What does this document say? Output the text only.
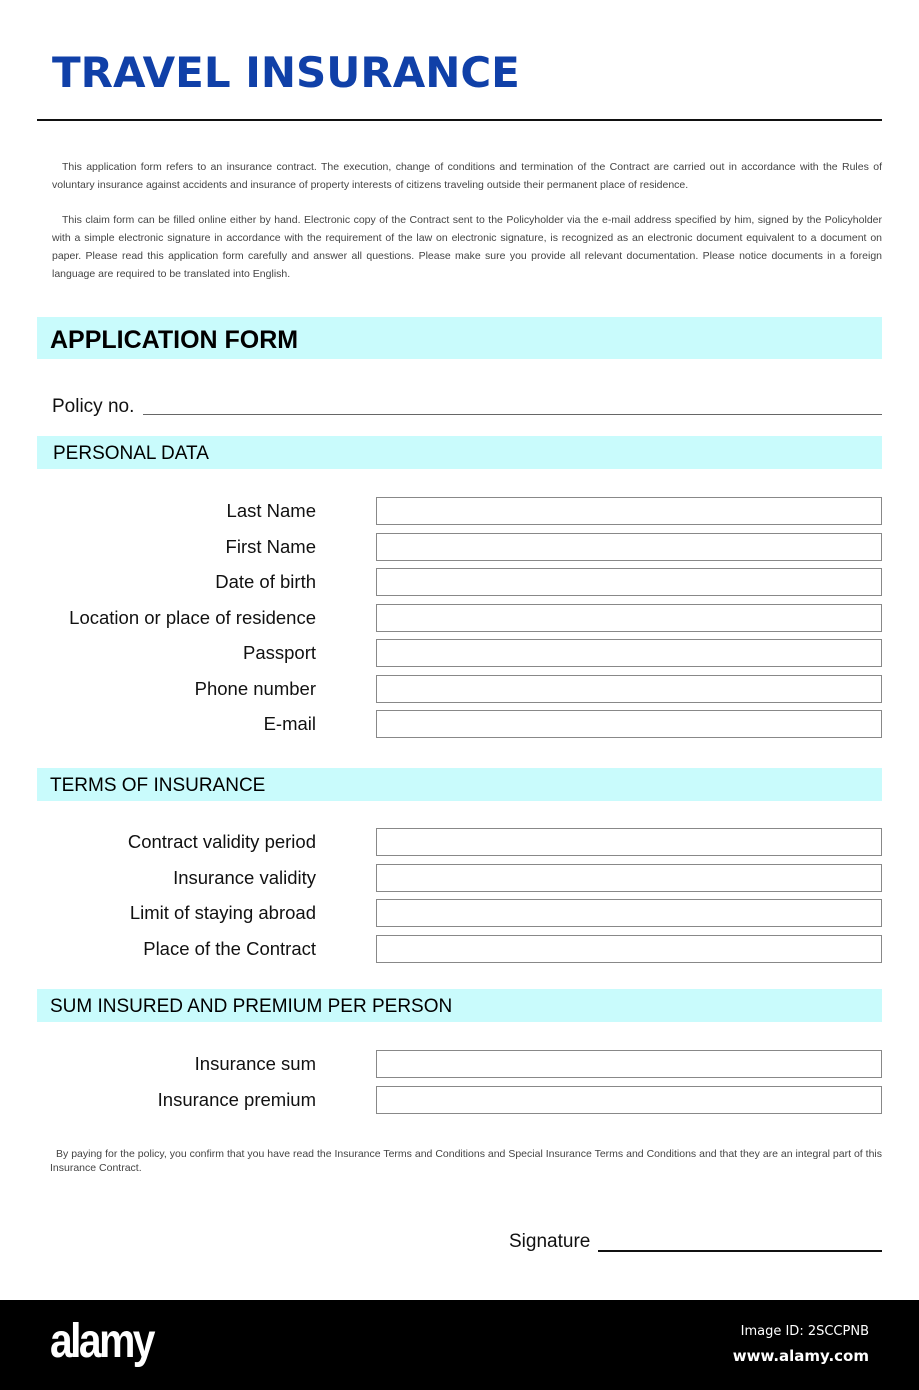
TRAVEL INSURANCE
This application form refers to an insurance contract. The execution, change of conditions and termination of the Contract are carried out in accordance with the Rules of voluntary insurance against accidents and insurance of property interests of citizens traveling outside their permanent place of residence.
This claim form can be filled online either by hand. Electronic copy of the Contract sent to the Policyholder via the e-mail address specified by him, signed by the Policyholder with a simple electronic signature in accordance with the requirement of the law on electronic signature, is recognized as an electronic document equivalent to a document on paper. Please read this application form carefully and answer all questions. Please make sure you provide all relevant documentation. Please notice documents in a foreign language are required to be translated into English.
APPLICATION FORM
Policy no.
PERSONAL DATA
Last Name
First Name
Date of birth
Location or place of residence
Passport
Phone number
E-mail
TERMS OF INSURANCE
Contract validity period
Insurance validity
Limit of staying abroad
Place of the Contract
SUM INSURED AND PREMIUM PER PERSON
Insurance sum
Insurance premium
By paying for the policy, you confirm that you have read the Insurance Terms and Conditions and Special Insurance Terms and Conditions and that they are an integral part of this Insurance Contract.
Signature
alamy	Image ID: 2SCCPNB
www.alamy.com
